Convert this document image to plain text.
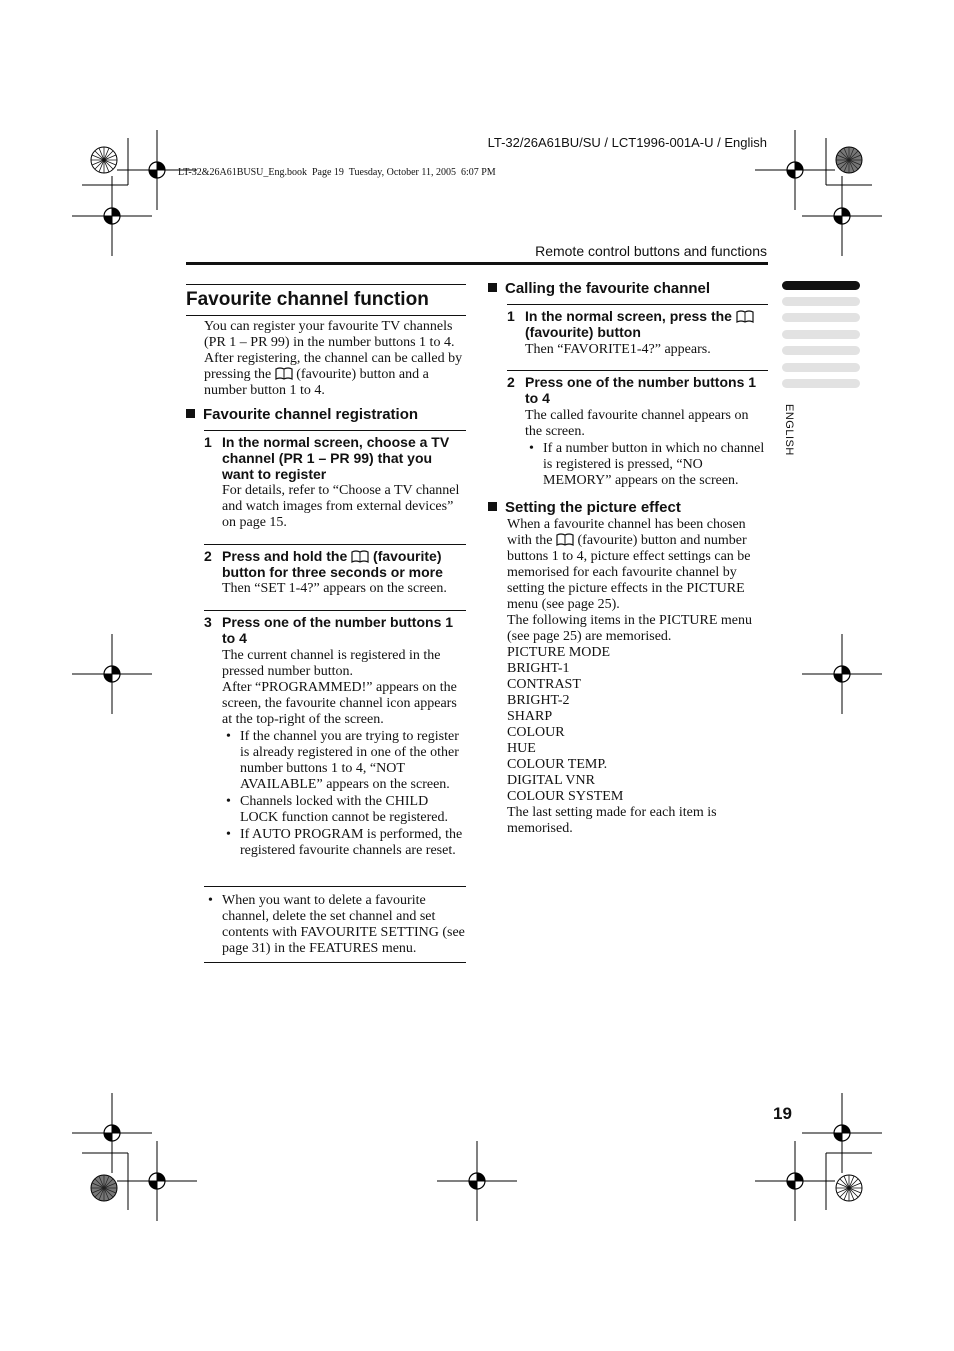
LT-32/26A61BU/SU / LCT1996-001A-U / English
LT-32&26A61BUSU_Eng.book  Page 19  Tuesday, October 11, 2005  6:07 PM
Remote control buttons and functions
ENGLISH
Favourite channel function
You can register your favourite TV channels (PR 1 – PR 99) in the number buttons 1 to 4. After registering, the channel can be called by pressing the (favourite) button and a number button 1 to 4.
Favourite channel registration
1 In the normal screen, choose a TV channel (PR 1 – PR 99) that you want to register
For details, refer to “Choose a TV channel and watch images from external devices” on page 15.
2 Press and hold the (favourite) button for three seconds or more
Then “SET 1-4?” appears on the screen.
3 Press one of the number buttons 1 to 4
The current channel is registered in the pressed number button.
After “PROGRAMMED!” appears on the screen, the favourite channel icon appears at the top-right of the screen.
• If the channel you are trying to register is already registered in one of the other number buttons 1 to 4, “NOT AVAILABLE” appears on the screen.
• Channels locked with the CHILD LOCK function cannot be registered.
• If AUTO PROGRAM is performed, the registered favourite channels are reset.
• When you want to delete a favourite channel, delete the set channel and set contents with FAVOURITE SETTING (see page 31) in the FEATURES menu.
Calling the favourite channel
1 In the normal screen, press the  (favourite) button
Then “FAVORITE1-4?” appears.
2 Press one of the number buttons 1 to 4
The called favourite channel appears on the screen.
• If a number button in which no channel is registered is pressed, “NO MEMORY” appears on the screen.
Setting the picture effect
When a favourite channel has been chosen with the (favourite) button and number buttons 1 to 4, picture effect settings can be memorised for each favourite channel by setting the picture effects in the PICTURE menu (see page 25).
The following items in the PICTURE menu (see page 25) are memorised.
PICTURE MODE
BRIGHT-1
CONTRAST
BRIGHT-2
SHARP
COLOUR
HUE
COLOUR TEMP.
DIGITAL VNR
COLOUR SYSTEM
The last setting made for each item is memorised.
19
